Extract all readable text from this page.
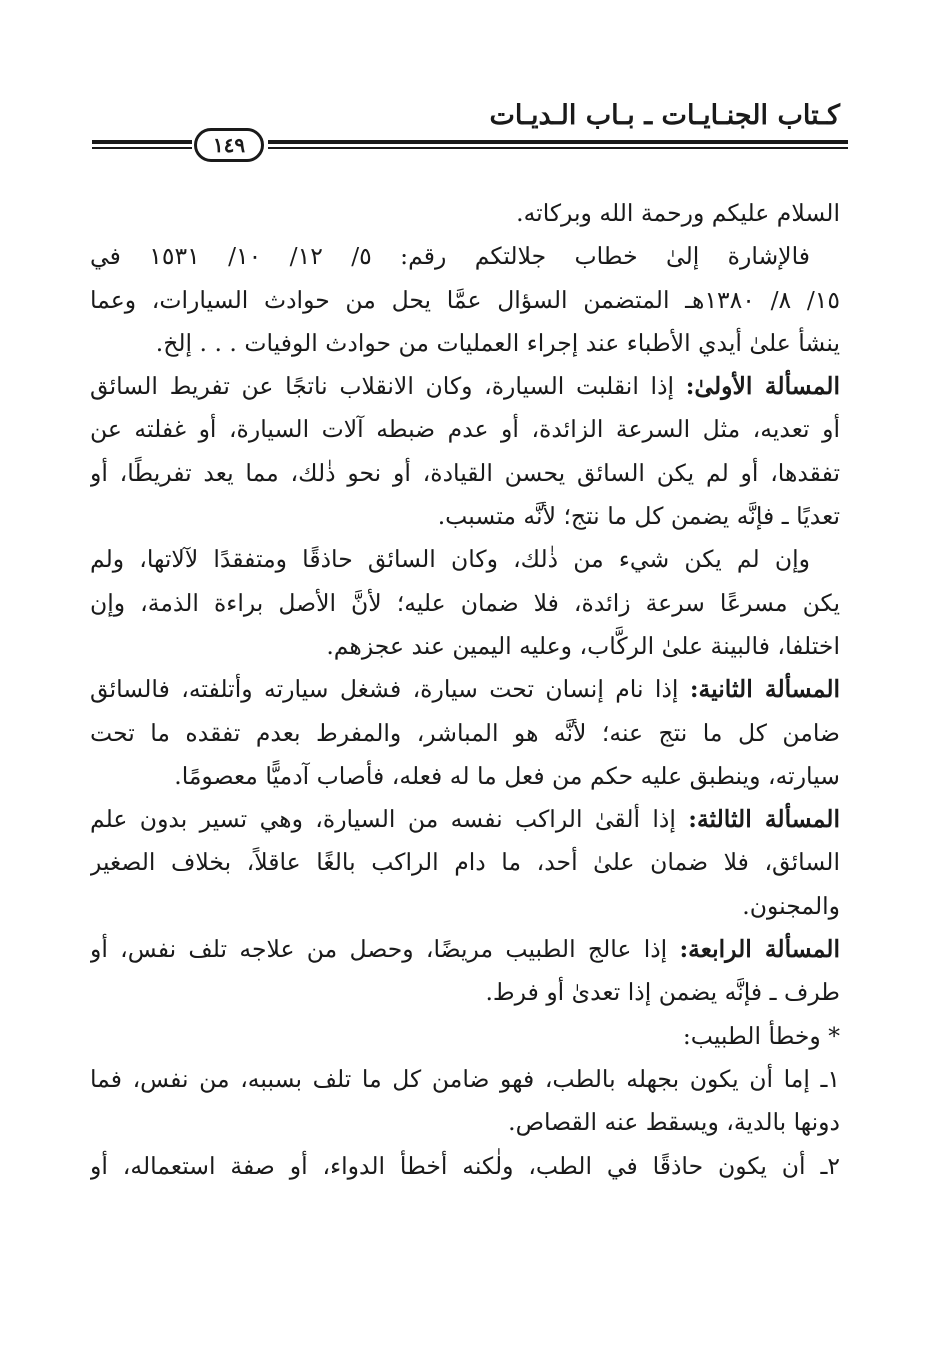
كـتاب الجنـايـات ـ بـاب الـديـات
١٤٩
السلام عليكم ورحمة الله وبركاته.
فالإشارة إلىٰ خطاب جلالتكم رقم: ٥/ ١٢/ ١٠/ ١٥٣١ في
١٥/ ٨/ ١٣٨٠هـ المتضمن السؤال عمَّا يحل من حوادث السيارات، وعما
ينشأ علىٰ أيدي الأطباء عند إجراء العمليات من حوادث الوفيات . . . إلخ.
المسألة الأولىٰ: إذا انقلبت السيارة، وكان الانقلاب ناتجًا عن تفريط السائق
أو تعديه، مثل السرعة الزائدة، أو عدم ضبطه آلات السيارة، أو غفلته عن
تفقدها، أو لم يكن السائق يحسن القيادة، أو نحو ذٰلك، مما يعد تفريطًا، أو
تعديًا ـ فإنَّه يضمن كل ما نتج؛ لأنَّه متسبب.
وإن لم يكن شيء من ذٰلك، وكان السائق حاذقًا ومتفقدًا لآلاتها، ولم
يكن مسرعًا سرعة زائدة، فلا ضمان عليه؛ لأنَّ الأصل براءة الذمة، وإن
اختلفا، فالبينة علىٰ الركَّاب، وعليه اليمين عند عجزهم.
المسألة الثانية: إذا نام إنسان تحت سيارة، فشغل سيارته وأتلفته، فالسائق
ضامن كل ما نتج عنه؛ لأنَّه هو المباشر، والمفرط بعدم تفقده ما تحت
سيارته، وينطبق عليه حكم من فعل ما له فعله، فأصاب آدميًّا معصومًا.
المسألة الثالثة: إذا ألقىٰ الراكب نفسه من السيارة، وهي تسير بدون علم
السائق، فلا ضمان علىٰ أحد، ما دام الراكب بالغًا عاقلاً، بخلاف الصغير
والمجنون.
المسألة الرابعة: إذا عالج الطبيب مريضًا، وحصل من علاجه تلف نفس، أو
طرف ـ فإنَّه يضمن إذا تعدىٰ أو فرط.
* وخطأ الطبيب:
١ـ إما أن يكون بجهله بالطب، فهو ضامن كل ما تلف بسببه، من نفس، فما
دونها بالدية، ويسقط عنه القصاص.
٢ـ أن يكون حاذقًا في الطب، ولٰكنه أخطأ الدواء، أو صفة استعماله، أو
